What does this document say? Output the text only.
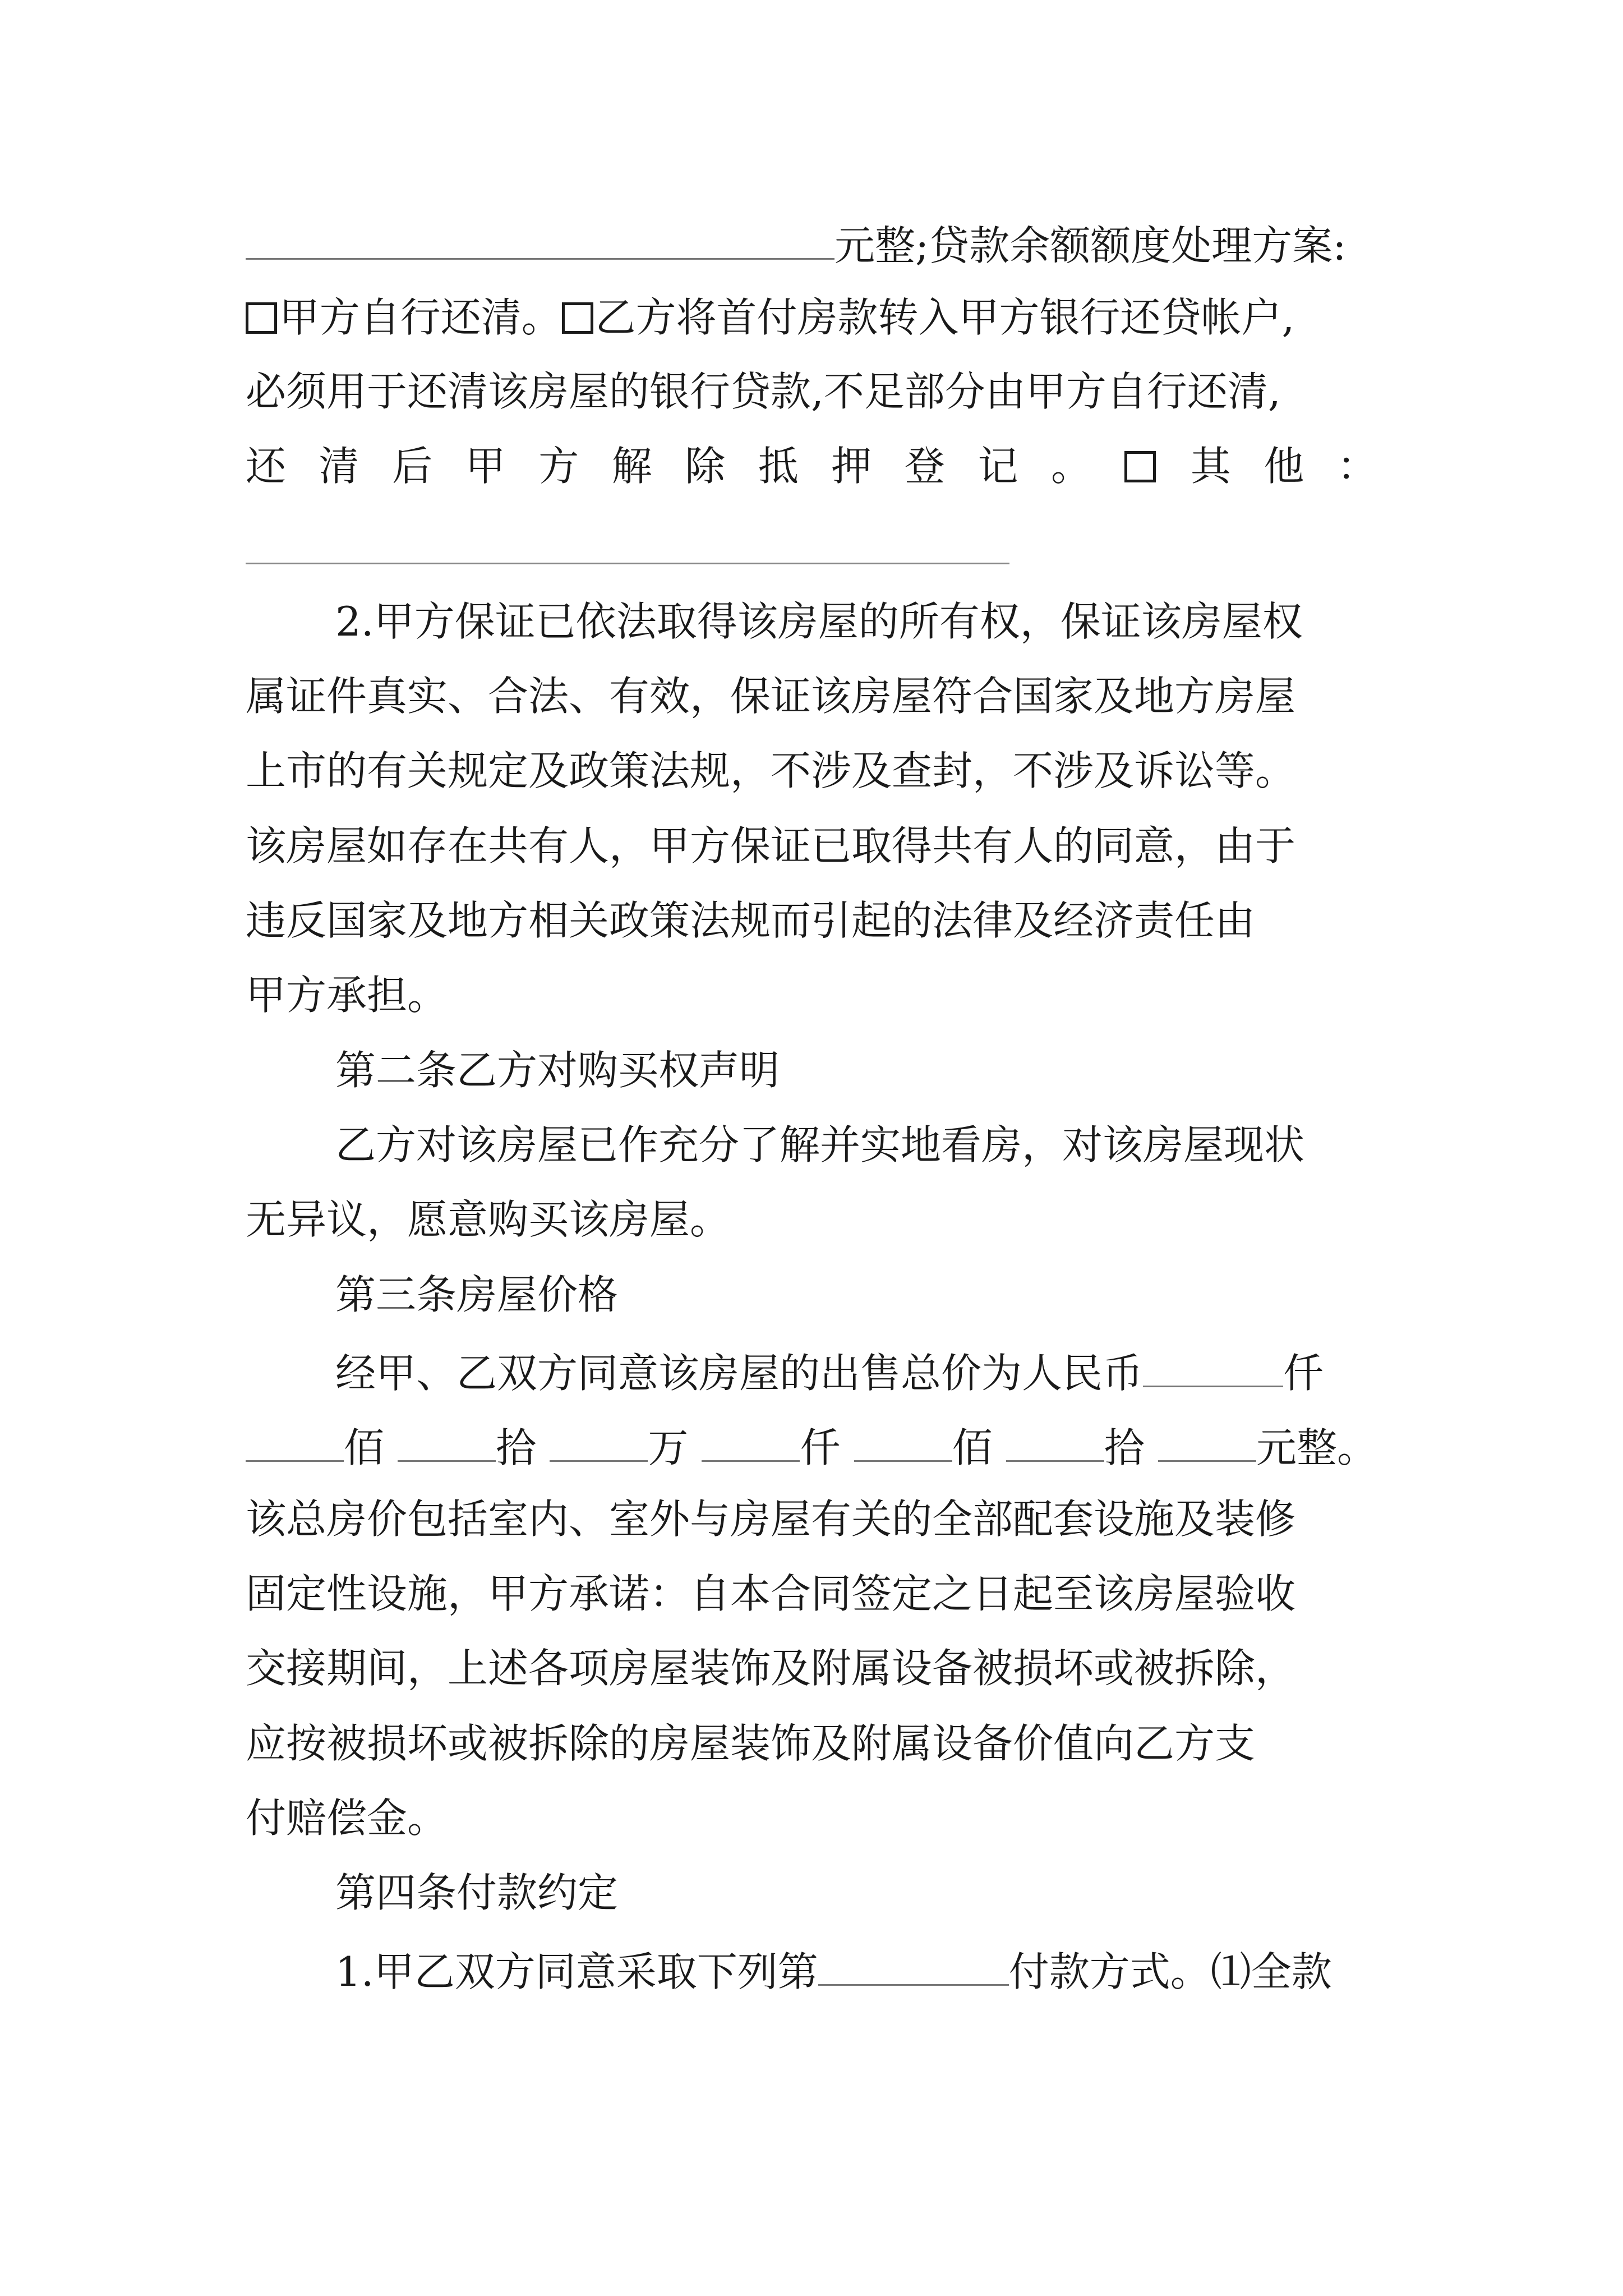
元整;贷款余额额度处理方案:
甲方自行还清。 乙方将首付房款转入甲方银行还贷帐户,
必须用于还清该房屋的银行贷款,不足部分由甲方自行还清,
还 清 后 甲 方 解 除 抵 押 登 记 。 其 他 ：
2.甲方保证已依法取得该房屋的所有权，保证该房屋权
属证件真实、合法、有效，保证该房屋符合国家及地方房屋
上市的有关规定及政策法规，不涉及查封，不涉及诉讼等。
该房屋如存在共有人，甲方保证已取得共有人的同意，由于
违反国家及地方相关政策法规而引起的法律及经济责任由
甲方承担。
第二条乙方对购买权声明
乙方对该房屋已作充分了解并实地看房，对该房屋现状
无异议，愿意购买该房屋。
第三条房屋价格
经甲、乙双方同意该房屋的出售总价为人民币	仟
佰	拾	万	仟	佰	拾	元整。
该总房价包括室内、室外与房屋有关的全部配套设施及装修
固定性设施，甲方承诺：自本合同签定之日起至该房屋验收
交接期间，上述各项房屋装饰及附属设备被损坏或被拆除，
应按被损坏或被拆除的房屋装饰及附属设备价值向乙方支
付赔偿金。
第四条付款约定
1.甲乙双方同意采取下列第	付款方式。⑴全款
